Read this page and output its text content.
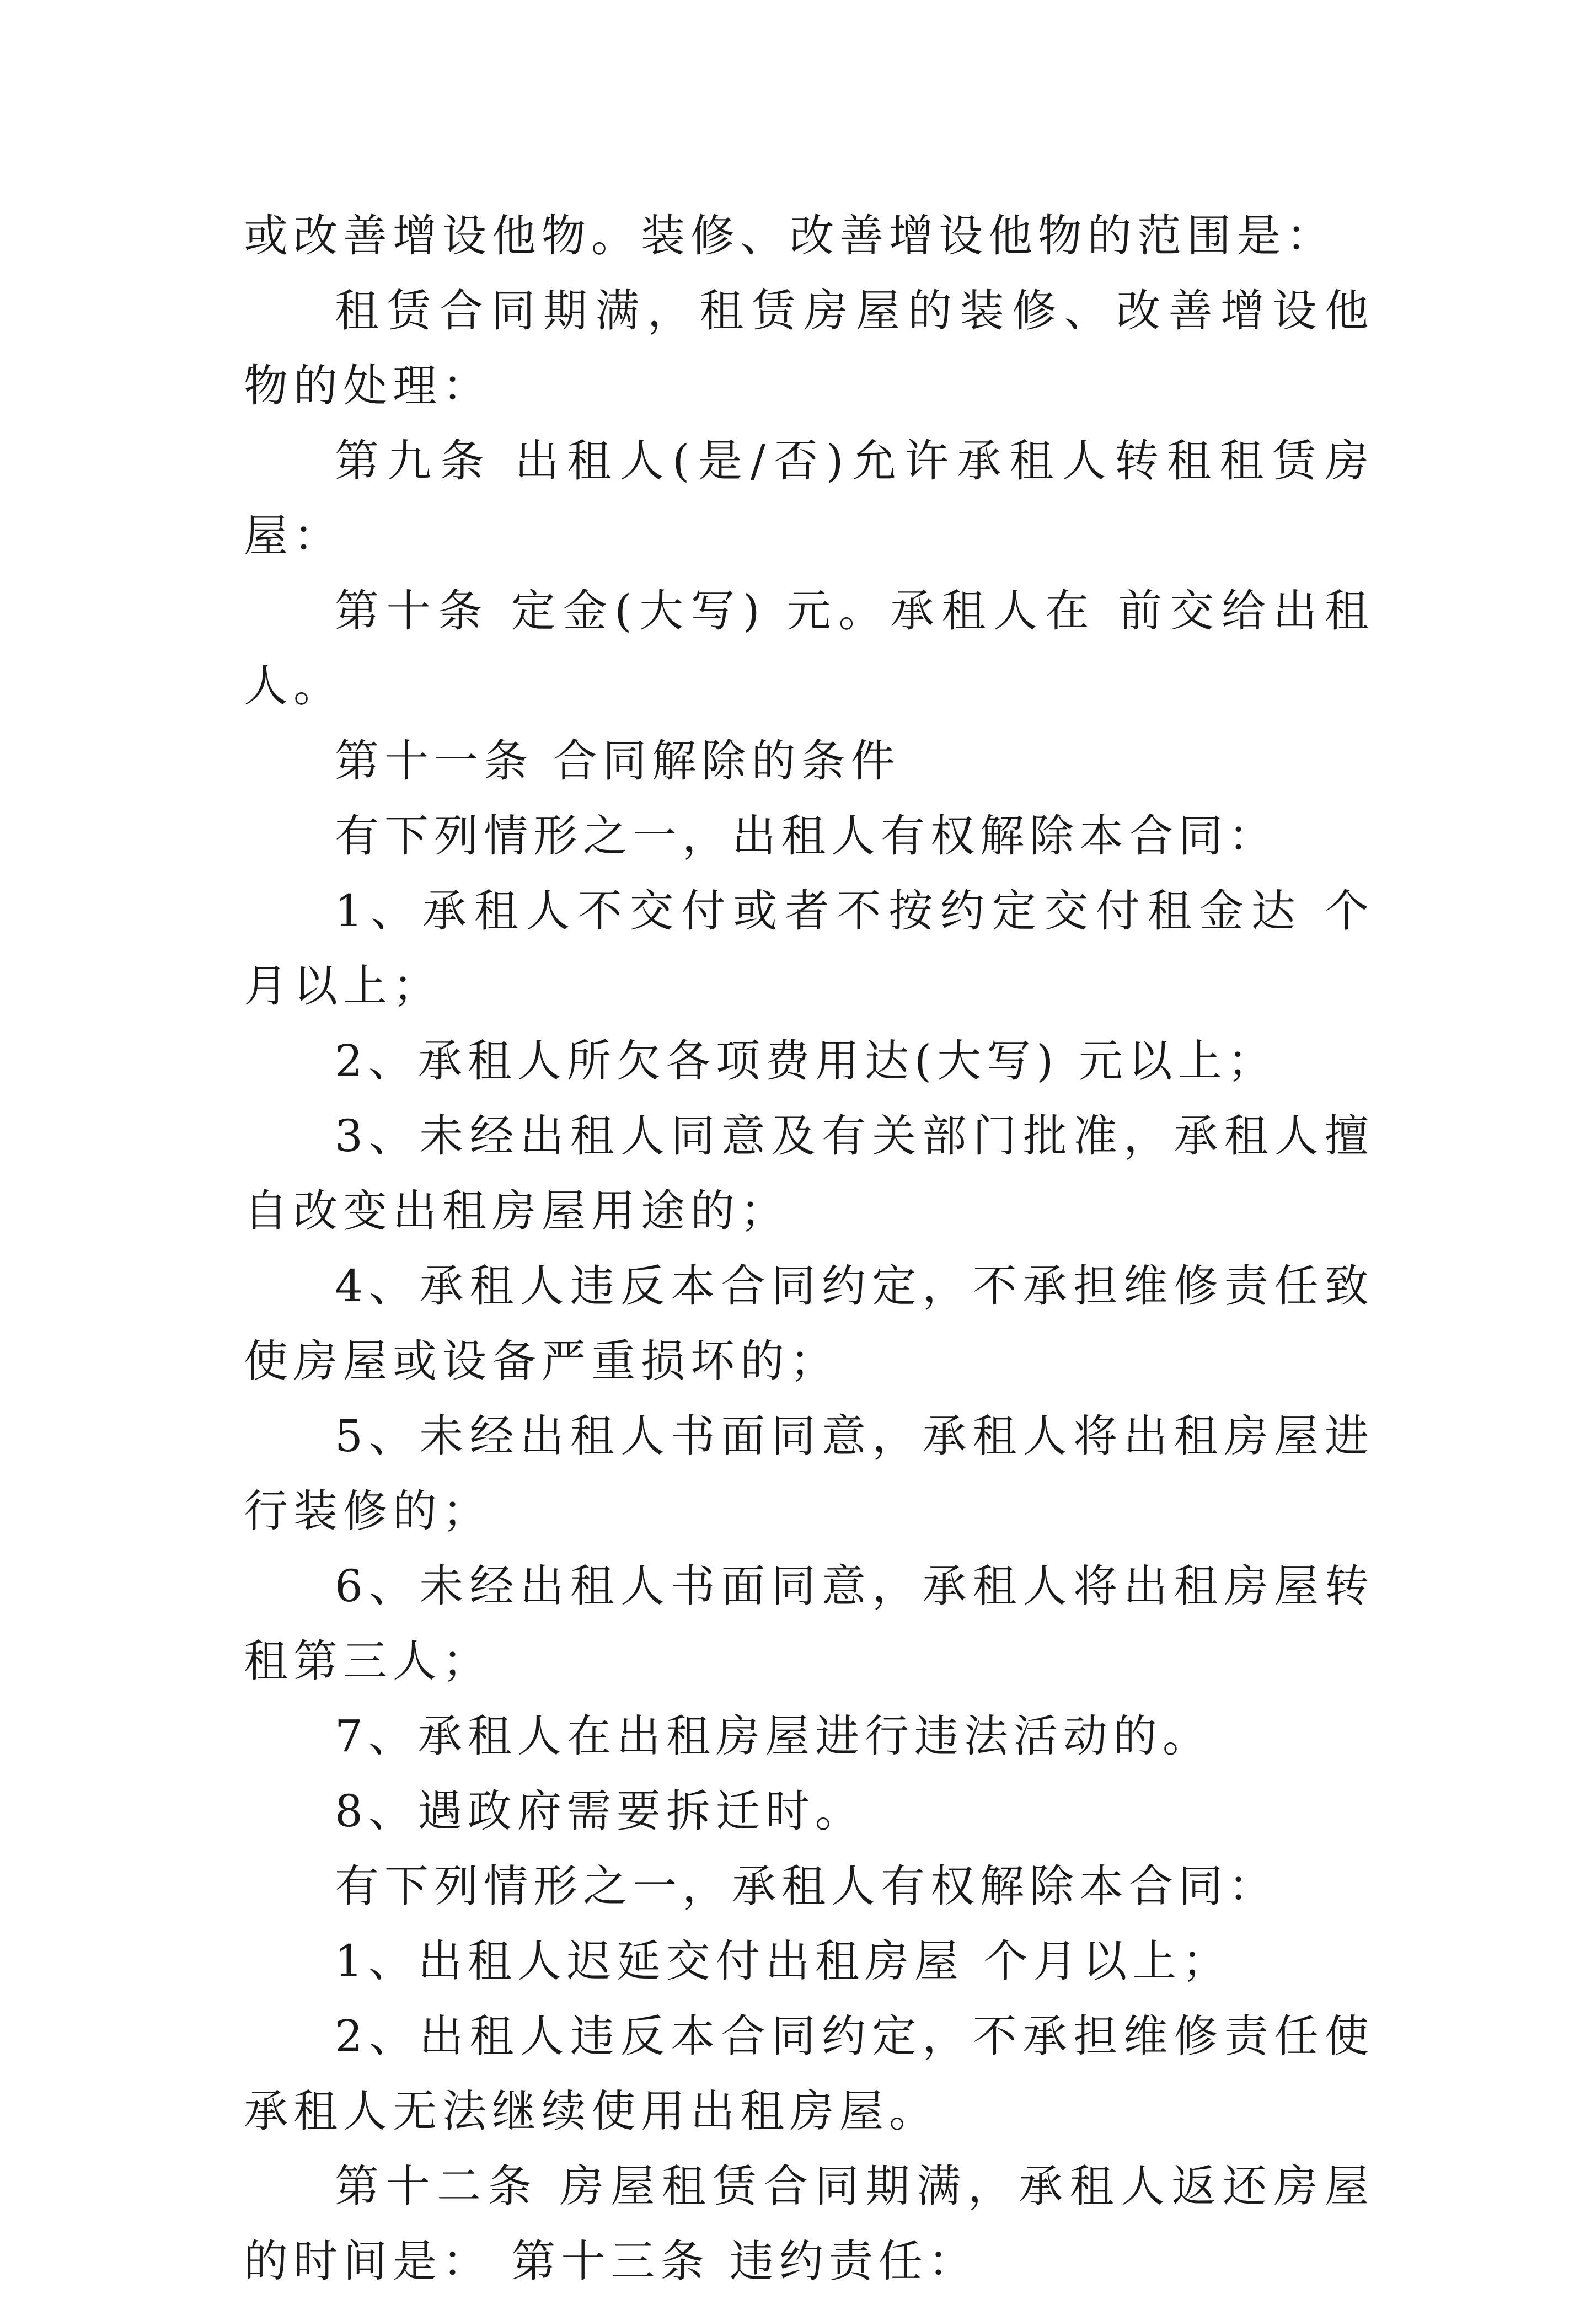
或改善增设他物。装修、改善增设他物的范围是：

租赁合同期满，租赁房屋的装修、改善增设他物的处理：

第九条 出租人(是/否)允许承租人转租租赁房屋：

第十条 定金(大写) 元。承租人在 前交给出租人。

第十一条 合同解除的条件

有下列情形之一，出租人有权解除本合同：

1、承租人不交付或者不按约定交付租金达 个月以上；

2、承租人所欠各项费用达(大写) 元以上；

3、未经出租人同意及有关部门批准，承租人擅自改变出租房屋用途的；

4、承租人违反本合同约定，不承担维修责任致使房屋或设备严重损坏的；

5、未经出租人书面同意，承租人将出租房屋进行装修的；

6、未经出租人书面同意，承租人将出租房屋转租第三人；

7、承租人在出租房屋进行违法活动的。

8、遇政府需要拆迁时。

有下列情形之一，承租人有权解除本合同：

1、出租人迟延交付出租房屋 个月以上；

2、出租人违反本合同约定，不承担维修责任使承租人无法继续使用出租房屋。

第十二条 房屋租赁合同期满，承租人返还房屋的时间是： 第十三条 违约责任：
